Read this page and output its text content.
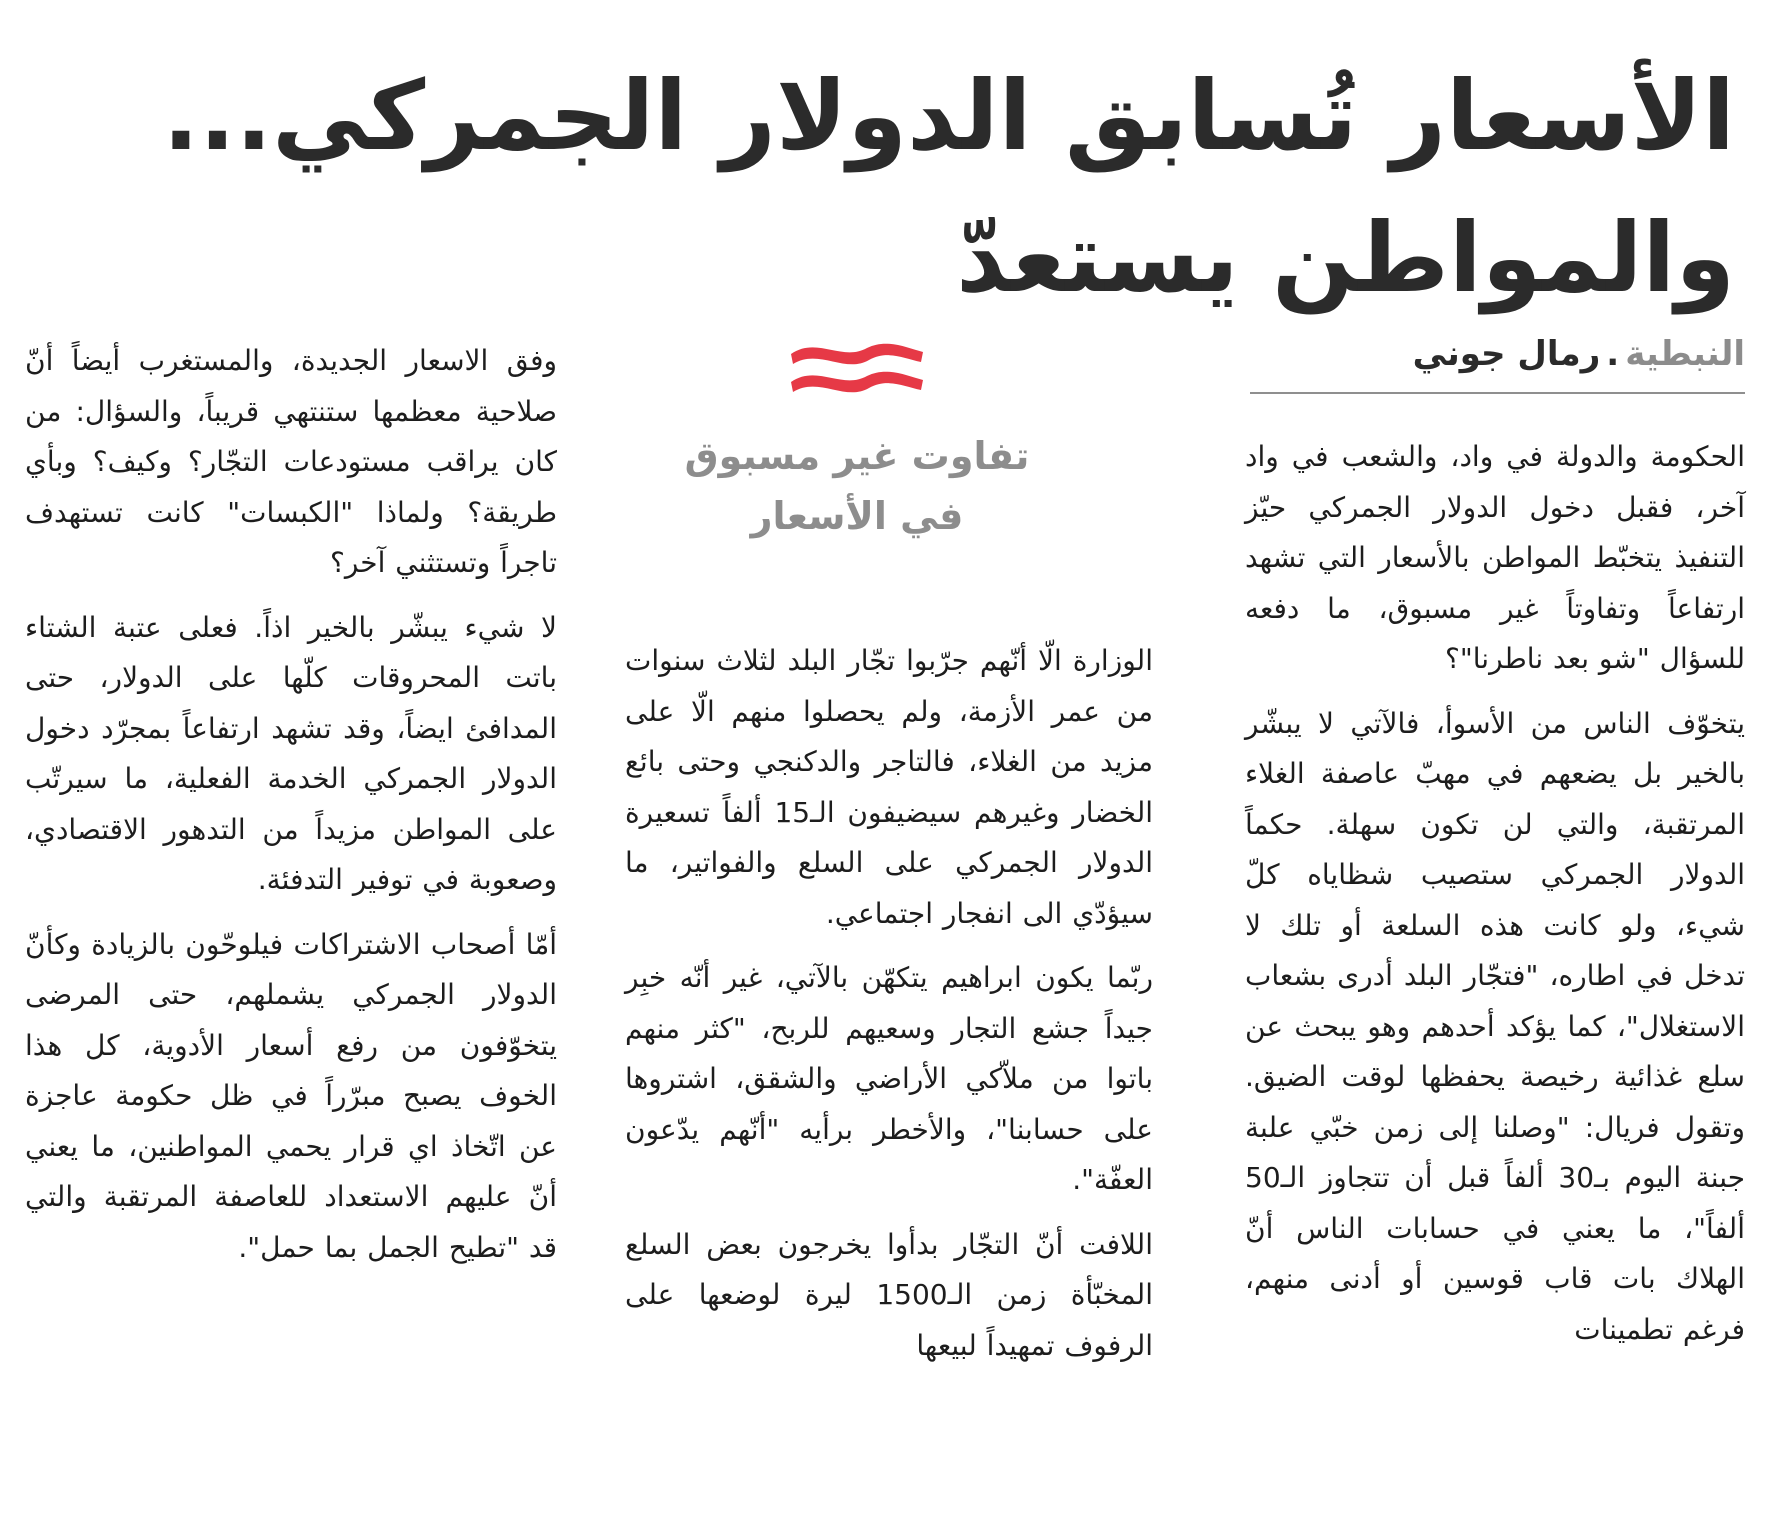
الأسعار تُسابق الدولار الجمركي...
والمواطن يستعدّ
النبطية.رمال جوني

الحكومة والدولة في واد، والشعب في واد آخر، فقبل دخول الدولار الجمركي حيّز التنفيذ يتخبّط المواطن بالأسعار التي تشهد ارتفاعاً وتفاوتاً غير مسبوق، ما دفعه للسؤال "شو بعد ناطرنا"؟

يتخوّف الناس من الأسوأ، فالآتي لا يبشّر بالخير بل يضعهم في مهبّ عاصفة الغلاء المرتقبة، والتي لن تكون سهلة. حكماً الدولار الجمركي ستصيب شظاياه كلّ شيء، ولو كانت هذه السلعة أو تلك لا تدخل في اطاره، "فتجّار البلد أدرى بشعاب الاستغلال"، كما يؤكد أحدهم وهو يبحث عن سلع غذائية رخيصة يحفظها لوقت الضيق. وتقول فريال: "وصلنا إلى زمن خبّي علبة جبنة اليوم بـ30 ألفاً قبل أن تتجاوز الـ50 ألفاً"، ما يعني في حسابات الناس أنّ الهلاك بات قاب قوسين أو أدنى منهم، فرغم تطمينات

تفاوت غير مسبوق
في الأسعار

الوزارة الّا أنّهم جرّبوا تجّار البلد لثلاث سنوات من عمر الأزمة، ولم يحصلوا منهم الّا على مزيد من الغلاء، فالتاجر والدكنجي وحتى بائع الخضار وغيرهم سيضيفون الـ15 ألفاً تسعيرة الدولار الجمركي على السلع والفواتير، ما سيؤدّي الى انفجار اجتماعي.

ربّما يكون ابراهيم يتكهّن بالآتي، غير أنّه خبِر جيداً جشع التجار وسعيهم للربح، "كثر منهم باتوا من ملاّكي الأراضي والشقق، اشتروها على حسابنا"، والأخطر برأيه "أنّهم يدّعون العفّة".

اللافت أنّ التجّار بدأوا يخرجون بعض السلع المخبّأة زمن الـ1500 ليرة لوضعها على الرفوف تمهيداً لبيعها

وفق الاسعار الجديدة، والمستغرب أيضاً أنّ صلاحية معظمها ستنتهي قريباً، والسؤال: من كان يراقب مستودعات التجّار؟ وكيف؟ وبأي طريقة؟ ولماذا "الكبسات" كانت تستهدف تاجراً وتستثني آخر؟

لا شيء يبشّر بالخير اذاً. فعلى عتبة الشتاء باتت المحروقات كلّها على الدولار، حتى المدافئ ايضاً، وقد تشهد ارتفاعاً بمجرّد دخول الدولار الجمركي الخدمة الفعلية، ما سيرتّب على المواطن مزيداً من التدهور الاقتصادي، وصعوبة في توفير التدفئة.

أمّا أصحاب الاشتراكات فيلوحّون بالزيادة وكأنّ الدولار الجمركي يشملهم، حتى المرضى يتخوّفون من رفع أسعار الأدوية، كل هذا الخوف يصبح مبرّراً في ظل حكومة عاجزة عن اتّخاذ اي قرار يحمي المواطنين، ما يعني أنّ عليهم الاستعداد للعاصفة المرتقبة والتي قد "تطيح الجمل بما حمل".
